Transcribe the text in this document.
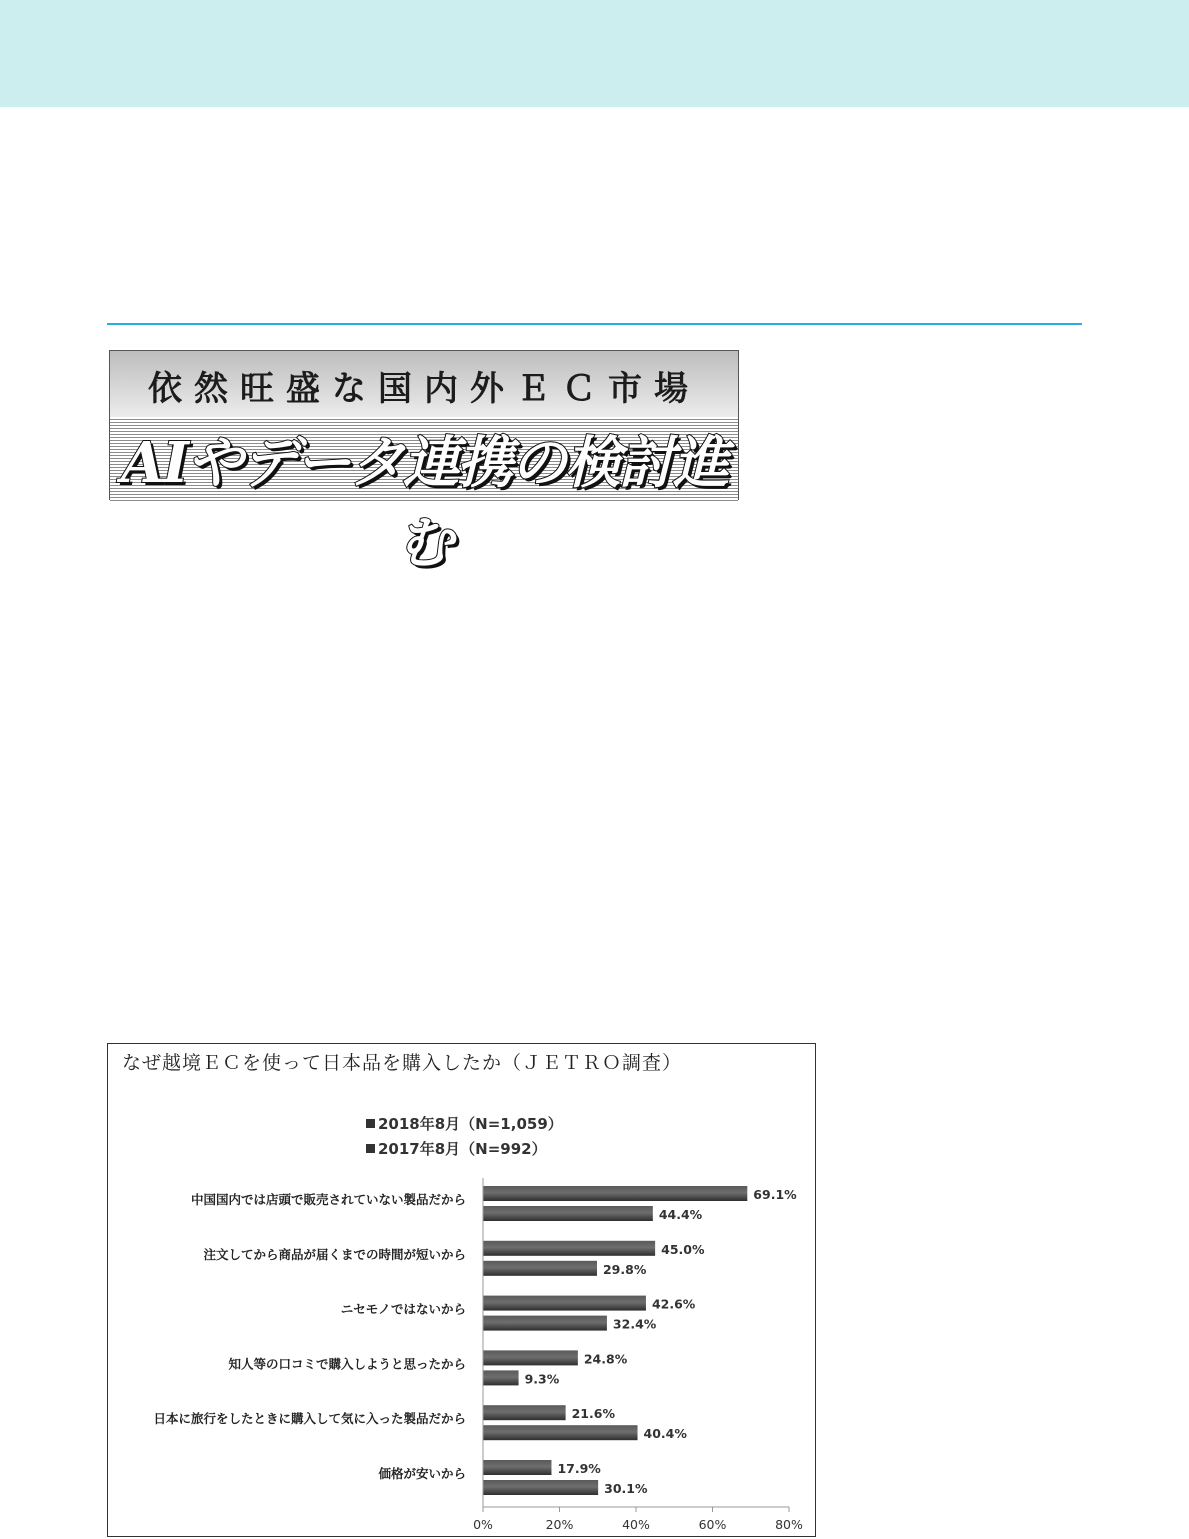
依然旺盛な国内外ＥＣ市場
AIやデータ連携の検討進む
なぜ越境ＥＣを使って日本品を購入したか（ＪＥＴＲＯ調査）
2018年8月（N=1,059）
2017年8月（N=992）
中国国内では店頭で販売されていない製品だから	69.1%
44.4%
注文してから商品が届くまでの時間が短いから	45.0%
29.8%
ニセモノではないから	42.6%
32.4%
知人等の口コミで購入しようと思ったから	24.8%
9.3%
日本に旅行をしたときに購入して気に入った製品だから	21.6%
40.4%
価格が安いから	17.9%
30.1%
0%	20%	40%	60%	80%
